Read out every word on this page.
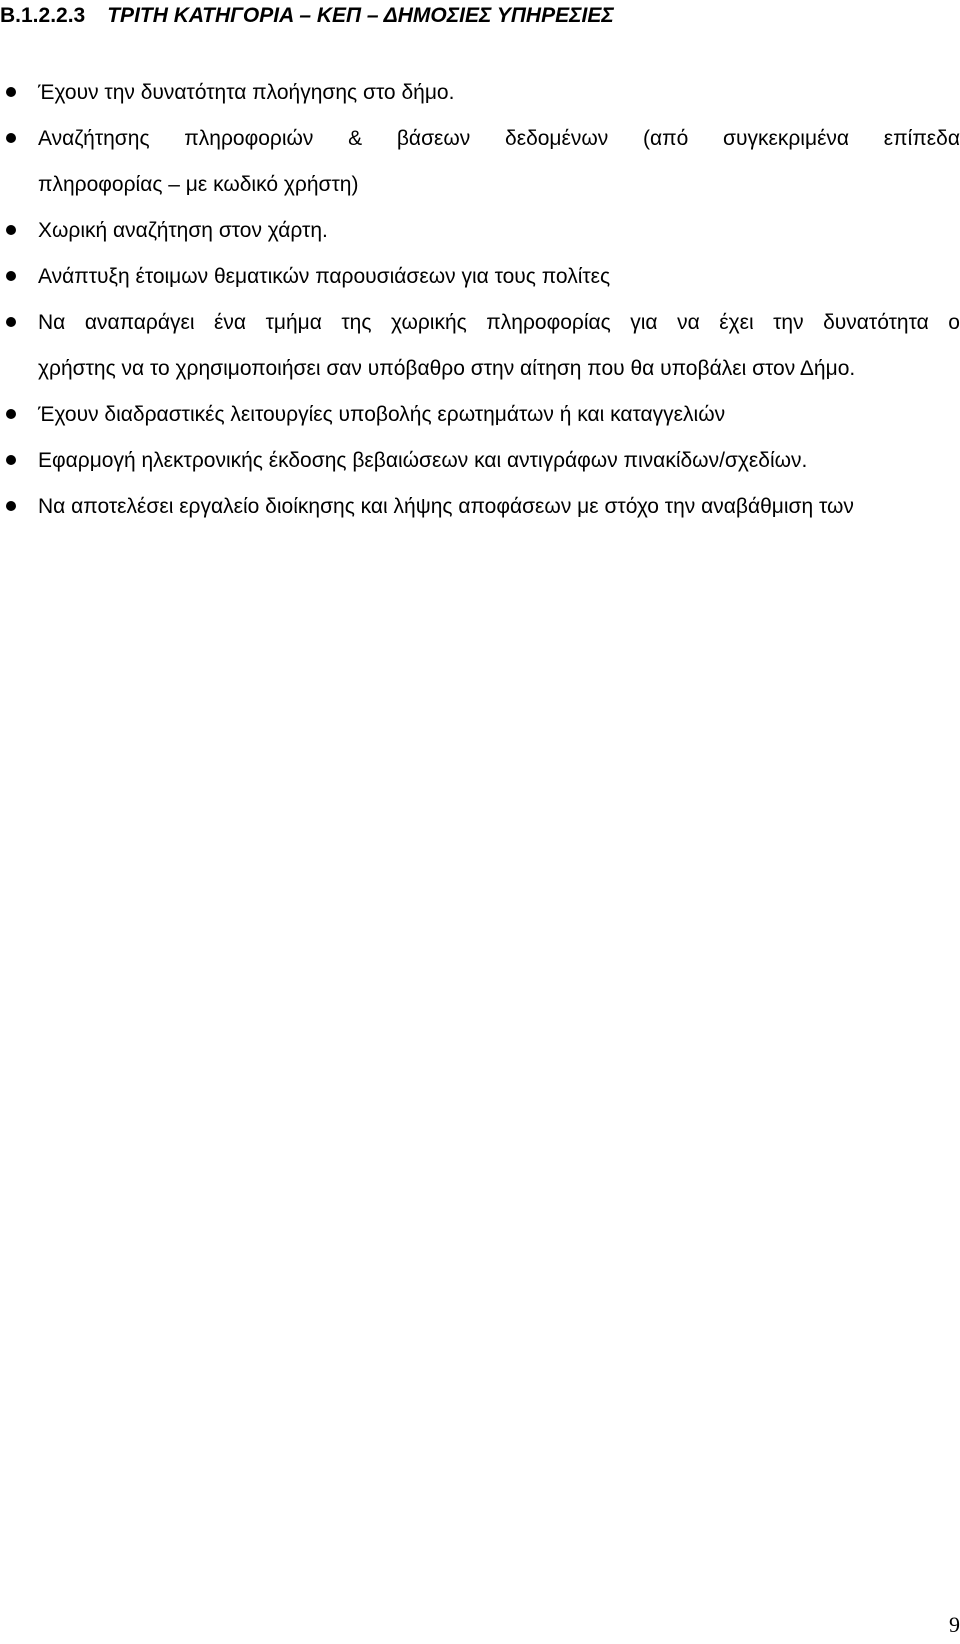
Β.1.2.2.3 ΤΡΙΤΗ ΚΑΤΗΓΟΡΙΑ – ΚΕΠ – ΔΗΜΟΣΙΕΣ ΥΠΗΡΕΣΙΕΣ
Έχουν την δυνατότητα πλοήγησης στο δήμο.
Αναζήτησης πληροφοριών & βάσεων δεδομένων (από συγκεκριμένα επίπεδα
πληροφορίας – με κωδικό χρήστη)
Χωρική αναζήτηση στον χάρτη.
Ανάπτυξη έτοιμων θεματικών παρουσιάσεων για τους πολίτες
Να αναπαράγει ένα τμήμα της χωρικής πληροφορίας για να έχει την δυνατότητα ο
χρήστης να το χρησιμοποιήσει σαν υπόβαθρο στην αίτηση που θα υποβάλει στον Δήμο.
Έχουν διαδραστικές λειτουργίες υποβολής ερωτημάτων ή και καταγγελιών
Εφαρμογή ηλεκτρονικής έκδοσης βεβαιώσεων και αντιγράφων πινακίδων/σχεδίων.
Να αποτελέσει εργαλείο διοίκησης και λήψης αποφάσεων με στόχο την αναβάθμιση των
9
